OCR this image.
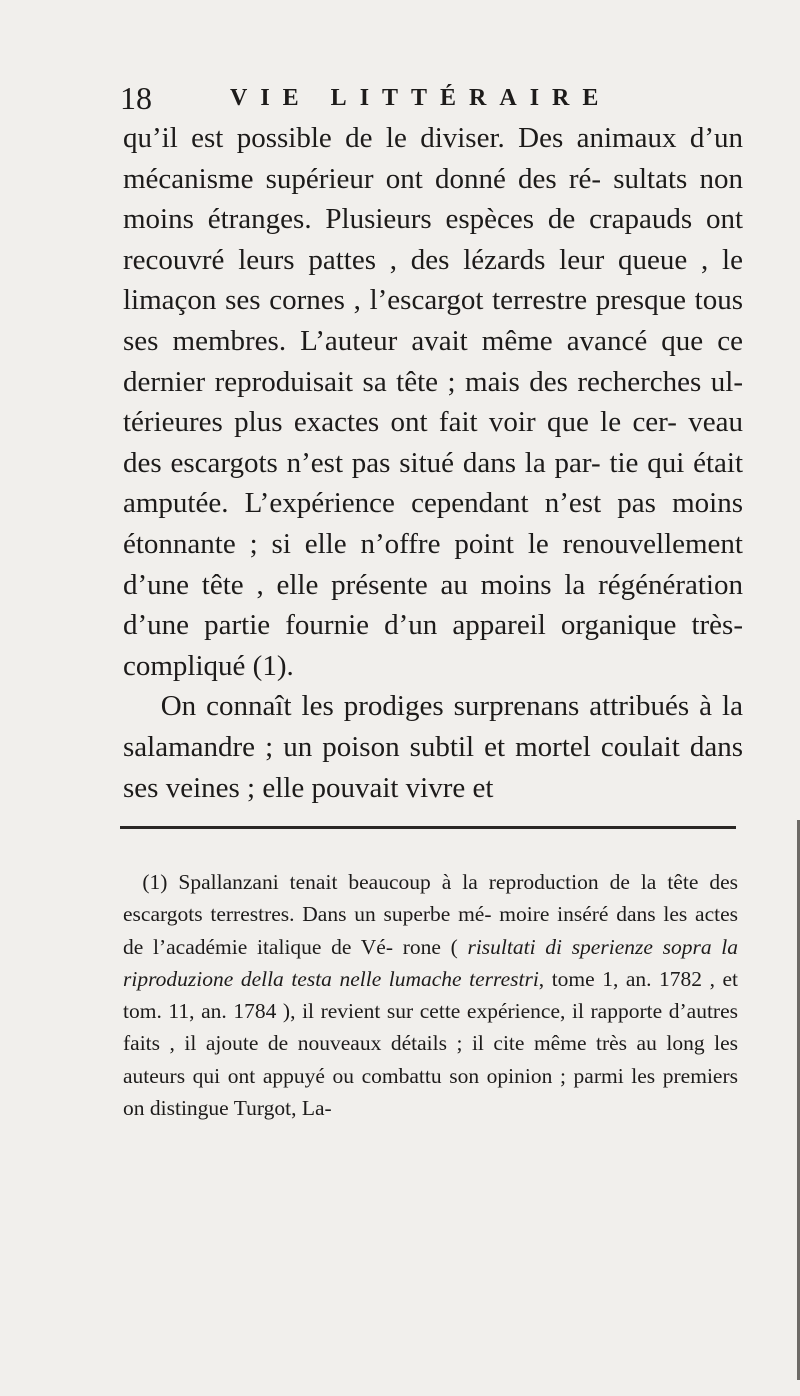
18	VIE LITTÉRAIRE

qu’il est possible de le diviser. Des animaux d’un mécanisme supérieur ont donné des ré- sultats non moins étranges. Plusieurs espèces de crapauds ont recouvré leurs pattes , des lézards leur queue , le limaçon ses cornes , l’escargot terrestre presque tous ses membres. L’auteur avait même avancé que ce dernier reproduisait sa tête ; mais des recherches ul- térieures plus exactes ont fait voir que le cer- veau des escargots n’est pas situé dans la par- tie qui était amputée. L’expérience cependant n’est pas moins étonnante ; si elle n’offre point le renouvellement d’une tête , elle présente au moins la régénération d’une partie fournie d’un appareil organique très-compliqué (1).

On connaît les prodiges surprenans attribués à la salamandre ; un poison subtil et mortel coulait dans ses veines ; elle pouvait vivre et

(1) Spallanzani tenait beaucoup à la reproduction de la tête des escargots terrestres. Dans un superbe mé- moire inséré dans les actes de l’académie italique de Vé- rone ( risultati di sperienze sopra la riproduzione della testa nelle lumache terrestri, tome 1, an. 1782 , et tom. 11, an. 1784 ), il revient sur cette expérience, il rapporte d’autres faits , il ajoute de nouveaux détails ; il cite même très au long les auteurs qui ont appuyé ou combattu son opinion ; parmi les premiers on distingue Turgot, La-
